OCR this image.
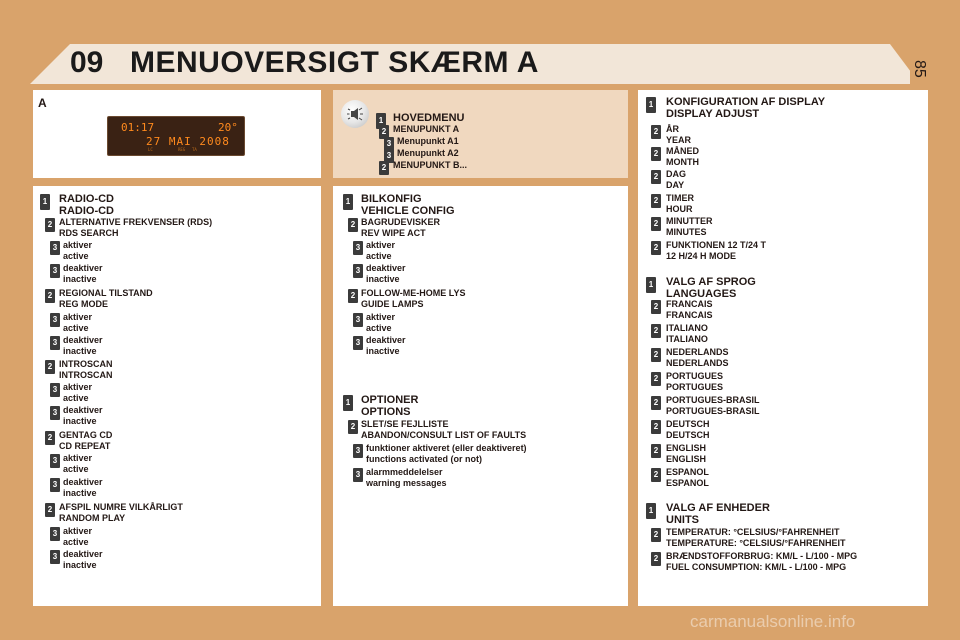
09 MENUOVERSIGT SKÆRM A	85
A
01:17	20°
27 MAI 2008
LC	REG TA
1 HOVEDMENU
2 MENUPUNKT A
3 Menupunkt A1
3 Menupunkt A2
2 MENUPUNKT B...
1 RADIO-CD
RADIO-CD
2 ALTERNATIVE FREKVENSER (RDS)
RDS SEARCH
3 aktiver
active
3 deaktiver
inactive
2 REGIONAL TILSTAND
REG MODE
3 aktiver
active
3 deaktiver
inactive
2 INTROSCAN
INTROSCAN
3 aktiver
active
3 deaktiver
inactive
2 GENTAG CD
CD REPEAT
3 aktiver
active
3 deaktiver
inactive
2 AFSPIL NUMRE VILKÅRLIGT
RANDOM PLAY
3 aktiver
active
3 deaktiver
inactive
1 BILKONFIG
VEHICLE CONFIG
2 BAGRUDEVISKER
REV WIPE ACT
3 aktiver
active
3 deaktiver
inactive
2 FOLLOW-ME-HOME LYS
GUIDE LAMPS
3 aktiver
active
3 deaktiver
inactive
1 OPTIONER
OPTIONS
2 SLET/SE FEJLLISTE
ABANDON/CONSULT LIST OF FAULTS
3 funktioner aktiveret (eller deaktiveret)
functions activated (or not)
3 alarmmeddelelser
warning messages
1 KONFIGURATION AF DISPLAY
DISPLAY ADJUST
2 ÅR
YEAR
2 MÅNED
MONTH
2 DAG
DAY
2 TIMER
HOUR
2 MINUTTER
MINUTES
2 FUNKTIONEN 12 T/24 T
12 H/24 H MODE
1 VALG AF SPROG
LANGUAGES
2 FRANCAIS
FRANCAIS
2 ITALIANO
ITALIANO
2 NEDERLANDS
NEDERLANDS
2 PORTUGUES
PORTUGUES
2 PORTUGUES-BRASIL
PORTUGUES-BRASIL
2 DEUTSCH
DEUTSCH
2 ENGLISH
ENGLISH
2 ESPANOL
ESPANOL
1 VALG AF ENHEDER
UNITS
2 TEMPERATUR: °CELSIUS/°FAHRENHEIT
TEMPERATURE: °CELSIUS/°FAHRENHEIT
2 BRÆNDSTOFFORBRUG: KM/L - L/100 - MPG
FUEL CONSUMPTION: KM/L - L/100 - MPG
carmanualsonline.info
